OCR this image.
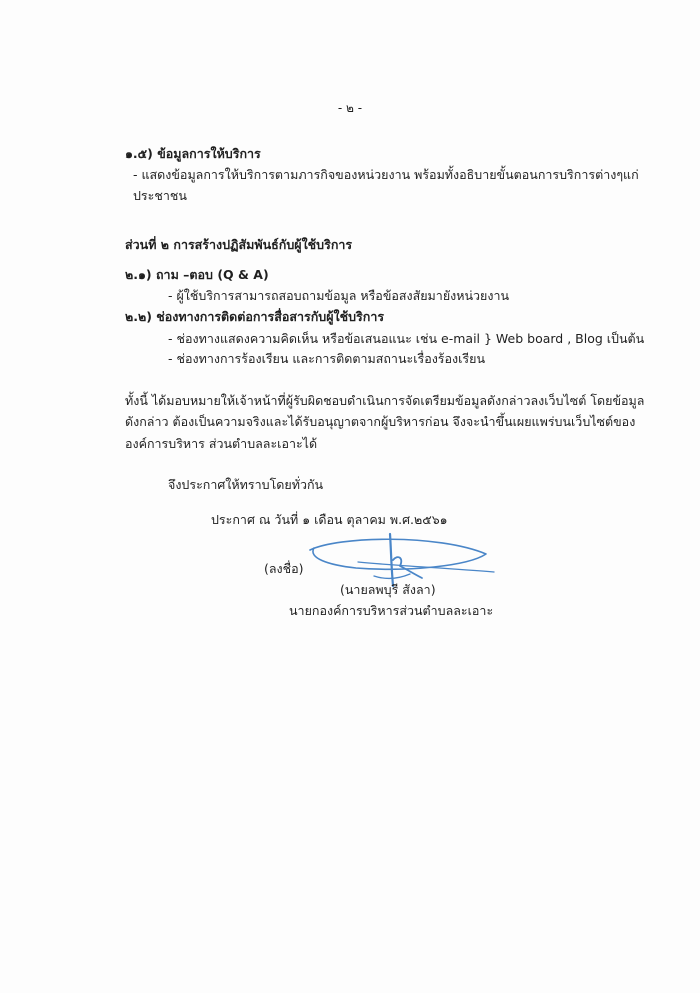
- ๒ -
๑.๕) ข้อมูลการให้บริการ
- แสดงข้อมูลการให้บริการตามภารกิจของหน่วยงาน พร้อมทั้งอธิบายขั้นตอนการบริการต่างๆแก่
ประชาชน
ส่วนที่ ๒ การสร้างปฏิสัมพันธ์กับผู้ใช้บริการ
๒.๑) ถาม –ตอบ (Q & A)
- ผู้ใช้บริการสามารถสอบถามข้อมูล หรือข้อสงสัยมายังหน่วยงาน
๒.๒) ช่องทางการติดต่อการสื่อสารกับผู้ใช้บริการ
- ช่องทางแสดงความคิดเห็น หรือข้อเสนอแนะ เช่น e-mail } Web board , Blog เป็นต้น
- ช่องทางการร้องเรียน และการติดตามสถานะเรื่องร้องเรียน
ทั้งนี้ ได้มอบหมายให้เจ้าหน้าที่ผู้รับผิดชอบดำเนินการจัดเตรียมข้อมูลดังกล่าวลงเว็บไซต์ โดยข้อมูล
ดังกล่าว ต้องเป็นความจริงและได้รับอนุญาตจากผู้บริหารก่อน จึงจะนำขึ้นเผยแพร่บนเว็บไซต์ของ
องค์การบริหาร ส่วนตำบลละเอาะได้
จึงประกาศให้ทราบโดยทั่วกัน
ประกาศ ณ วันที่ ๑ เดือน ตุลาคม พ.ศ.๒๕๖๑
(ลงชื่อ)
(นายลพบุรี สังลา)
นายกองค์การบริหารส่วนตำบลละเอาะ
